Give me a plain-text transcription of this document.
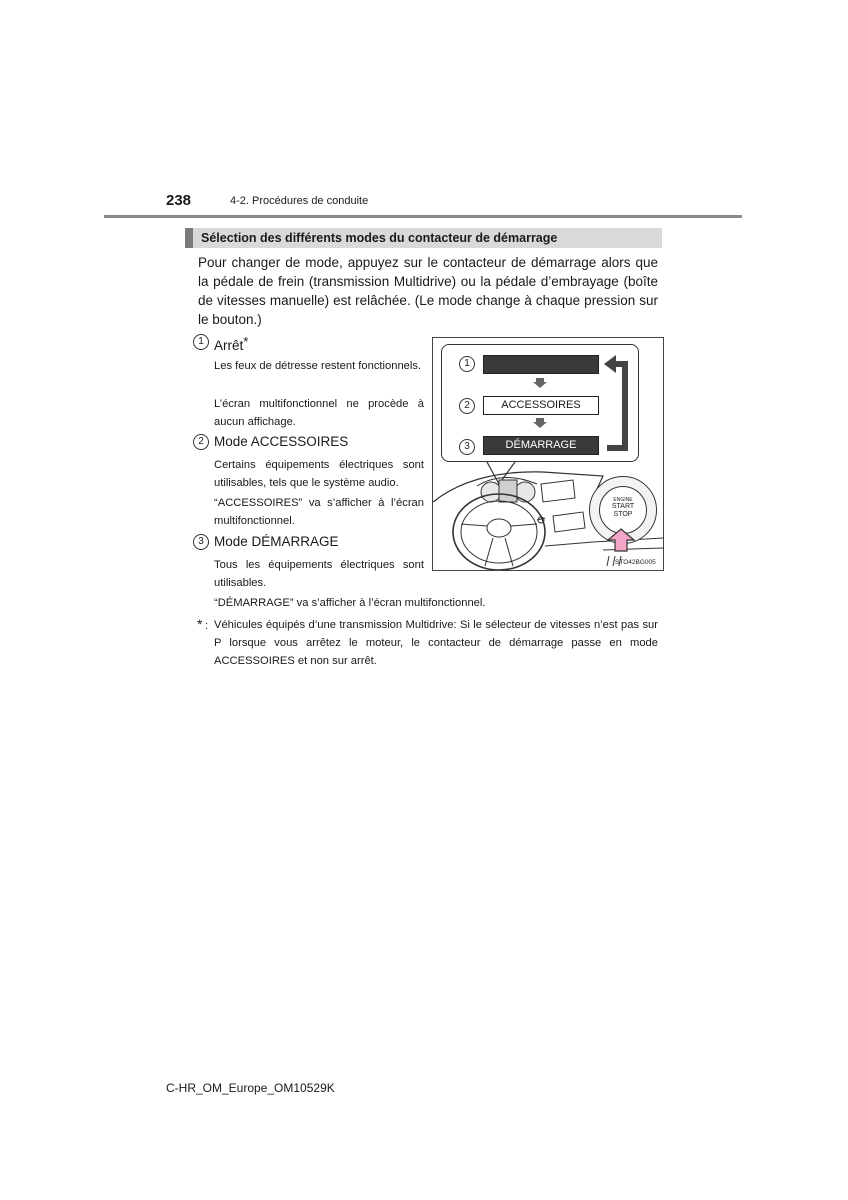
238	4-2. Procédures de conduite
Sélection des différents modes du contacteur de démarrage
Pour changer de mode, appuyez sur le contacteur de démarrage alors que la pédale de frein (transmission Multidrive) ou la pédale d’embrayage (boîte de vitesses manuelle) est relâchée. (Le mode change à chaque pression sur le bouton.)
1 Arrêt*
Les feux de détresse restent fonctionnels.
L’écran multifonctionnel ne procède à aucun affichage.
2 Mode ACCESSOIRES
Certains équipements électriques sont utilisables, tels que le système audio.
“ACCESSOIRES” va s’afficher à l’écran multifonctionnel.
3 Mode DÉMARRAGE
Tous les équipements électriques sont utilisables.
“DÉMARRAGE” va s’afficher à l’écran multifonctionnel.
1
2	ACCESSOIRES
3	DÉMARRAGE
ENGINE
START
STOP
STO42BG005
* : Véhicules équipés d’une transmission Multidrive: Si le sélecteur de vitesses n’est pas sur P lorsque vous arrêtez le moteur, le contacteur de démarrage passe en mode ACCESSOIRES et non sur arrêt.
C-HR_OM_Europe_OM10529K
